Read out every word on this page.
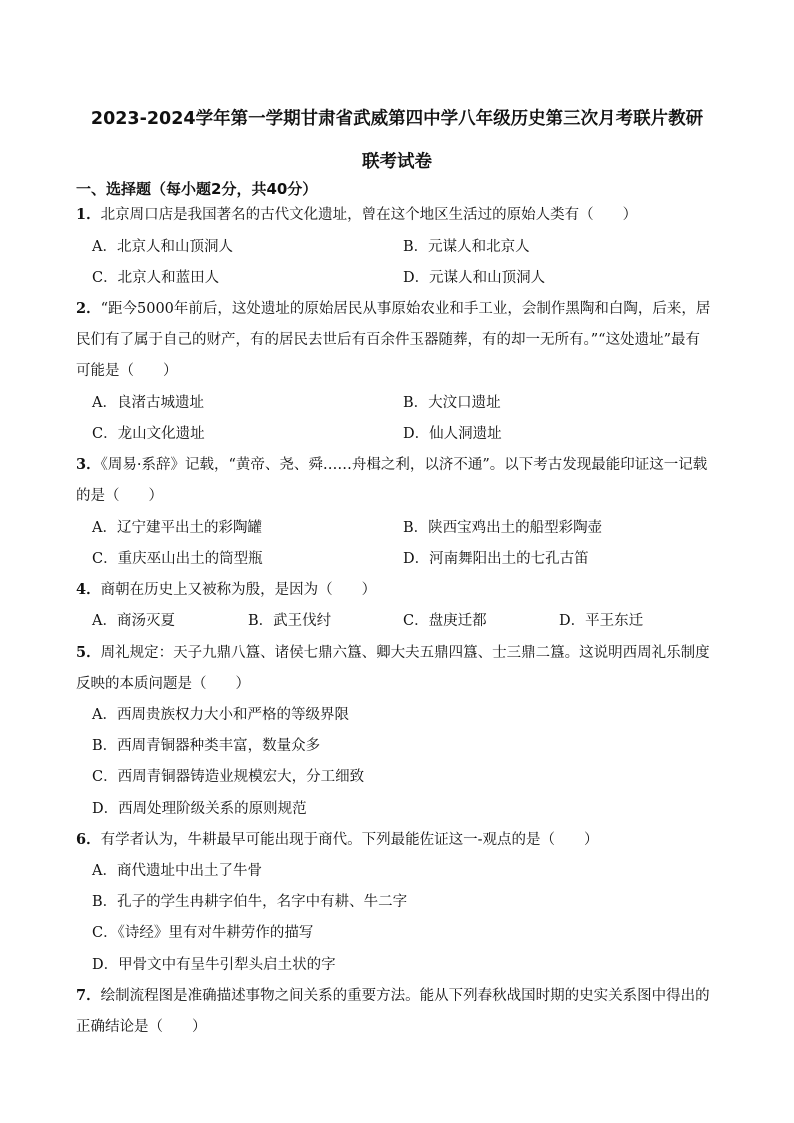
2023-2024学年第一学期甘肃省武威第四中学八年级历史第三次月考联片教研
联考试卷
一、选择题（每小题2分，共40分）
1．北京周口店是我国著名的古代文化遗址，曾在这个地区生活过的原始人类有（　　）
A．北京人和山顶洞人	B．元谋人和北京人
C．北京人和蓝田人	D．元谋人和山顶洞人
2．“距今5000年前后，这处遗址的原始居民从事原始农业和手工业，会制作黑陶和白陶，后来，居
民们有了属于自己的财产，有的居民去世后有百余件玉器随葬，有的却一无所有。”“这处遗址”最有
可能是（　　）
A．良渚古城遗址	B．大汶口遗址
C．龙山文化遗址	D．仙人洞遗址
3．《周易·系辞》记载，“黄帝、尧、舜……舟楫之利，以济不通”。以下考古发现最能印证这一记载
的是（　　）
A．辽宁建平出土的彩陶罐	B．陕西宝鸡出土的船型彩陶壶
C．重庆巫山出土的筒型瓶	D．河南舞阳出土的七孔古笛
4．商朝在历史上又被称为殷，是因为（　　）
A．商汤灭夏	B．武王伐纣	C．盘庚迁都	D．平王东迁
5．周礼规定：天子九鼎八簋、诸侯七鼎六簋、卿大夫五鼎四簋、士三鼎二簋。这说明西周礼乐制度
反映的本质问题是（　　）
A．西周贵族权力大小和严格的等级界限
B．西周青铜器种类丰富，数量众多
C．西周青铜器铸造业规模宏大，分工细致
D．西周处理阶级关系的原则规范
6．有学者认为，牛耕最早可能出现于商代。下列最能佐证这一-观点的是（　　）
A．商代遗址中出土了牛骨
B．孔子的学生冉耕字伯牛，名字中有耕、牛二字
C．《诗经》里有对牛耕劳作的描写
D．甲骨文中有呈牛引犁头启土状的字
7．绘制流程图是准确描述事物之间关系的重要方法。能从下列春秋战国时期的史实关系图中得出的
正确结论是（　　）
